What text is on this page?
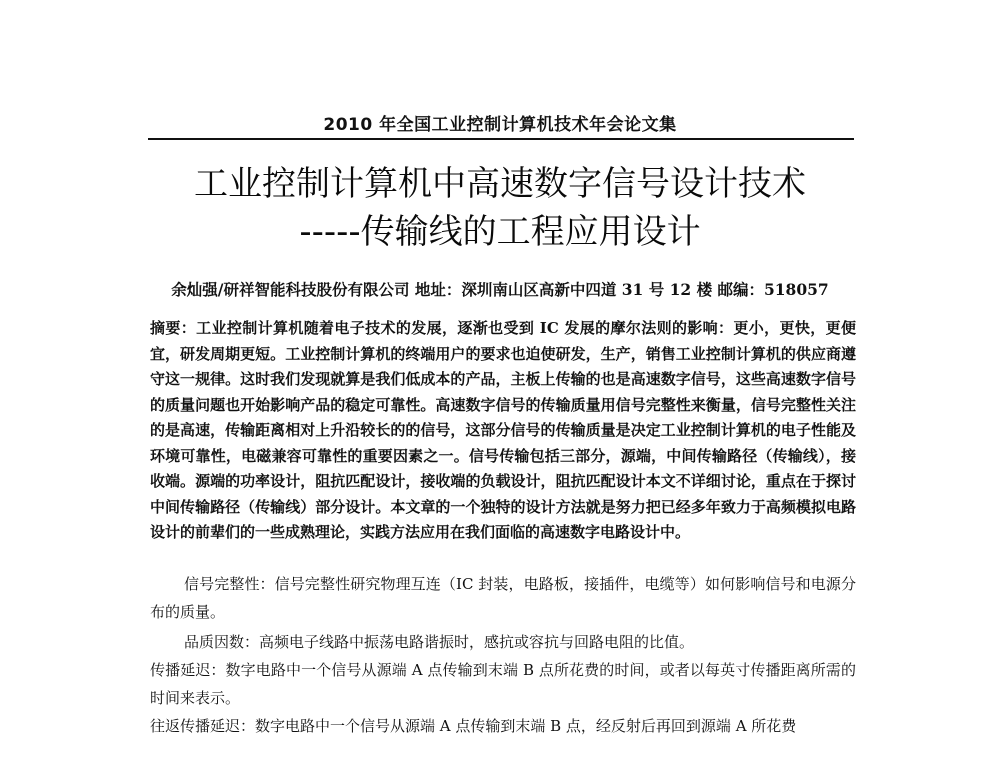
2010 年全国工业控制计算机技术年会论文集
工业控制计算机中高速数字信号设计技术
-----传输线的工程应用设计
余灿强/研祥智能科技股份有限公司 地址：深圳南山区高新中四道 31 号 12 楼 邮编：518057
摘要：工业控制计算机随着电子技术的发展，逐渐也受到 IC 发展的摩尔法则的影响：更小，更快，更便宜，研发周期更短。工业控制计算机的终端用户的要求也迫使研发，生产，销售工业控制计算机的供应商遵守这一规律。这时我们发现就算是我们低成本的产品，主板上传输的也是高速数字信号，这些高速数字信号的质量问题也开始影响产品的稳定可靠性。高速数字信号的传输质量用信号完整性来衡量，信号完整性关注的是高速，传输距离相对上升沿较长的的信号，这部分信号的传输质量是决定工业控制计算机的电子性能及环境可靠性，电磁兼容可靠性的重要因素之一。信号传输包括三部分，源端，中间传输路径（传输线），接收端。源端的功率设计，阻抗匹配设计，接收端的负载设计，阻抗匹配设计本文不详细讨论，重点在于探讨中间传输路径（传输线）部分设计。本文章的一个独特的设计方法就是努力把已经多年致力于高频模拟电路设计的前辈们的一些成熟理论，实践方法应用在我们面临的高速数字电路设计中。
信号完整性：信号完整性研究物理互连（IC 封装，电路板，接插件，电缆等）如何影响信号和电源分布的质量。
品质因数：高频电子线路中振荡电路谐振时，感抗或容抗与回路电阻的比值。
传播延迟：数字电路中一个信号从源端 A 点传输到末端 B 点所花费的时间，或者以每英寸传播距离所需的时间来表示。
往返传播延迟：数字电路中一个信号从源端 A 点传输到末端 B 点，经反射后再回到源端 A 所花费
